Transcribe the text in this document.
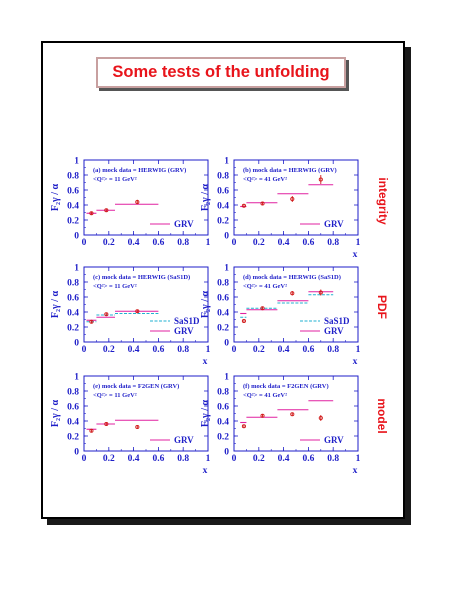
Some tests of the unfolding
integrity
PDF
model
0 0.2 0.4 0.6 0.8 1
0
0.2
0.4
0.6
0.8
1
F₂γ / α
(a) mock data = HERWIG (GRV)
<Q²> = 11 GeV²
GRV
0 0.2 0.4 0.6 0.8 1
0
0.2
0.4
0.6
0.8
1
F₂γ / α
x
(b) mock data = HERWIG (GRV)
<Q²> = 41 GeV²
GRV
0 0.2 0.4 0.6 0.8 1
0
0.2
0.4
0.6
0.8
1
F₂γ / α
x
(c) mock data = HERWIG (SaS1D)
<Q²> = 11 GeV²
SaS1D
GRV
0 0.2 0.4 0.6 0.8 1
0
0.2
0.4
0.6
0.8
1
F₂γ / α
x
(d) mock data = HERWIG (SaS1D)
<Q²> = 41 GeV²
SaS1D
GRV
0 0.2 0.4 0.6 0.8 1
0
0.2
0.4
0.6
0.8
1
F₂γ / α
x
(e) mock data = F2GEN (GRV)
<Q²> = 11 GeV²
GRV
0 0.2 0.4 0.6 0.8 1
0
0.2
0.4
0.6
0.8
1
F₂γ / α
x
(f) mock data = F2GEN (GRV)
<Q²> = 41 GeV²
GRV
